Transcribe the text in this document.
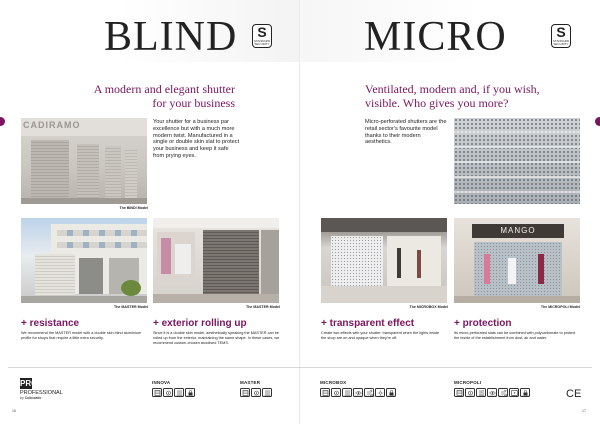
BLIND	S
STANDARD SECURITY
A modern and elegant shutter
for your business
CADIRAMO
The BINDI Model
Your shutter for a business par excellence but with a much more modern twist. Manufactured in a single or double skin slat to protect your business and keep it safe from prying eyes.
The MASTER Model	The MASTER Model
+ resistance
We recommend the MASTER model with a double skin blind aluminium profile for shops that require a little extra security.
+ exterior rolling up
Since it is a double skin model, aesthetically speaking the MASTER can be rolled up from the exterior, maintaining the same shape. In these cases, we recommend custom-chosen anodised TEMS.
MICRO	S
STANDARD SECURITY
Ventilated, modern and, if you wish,
visible. Who gives you more?
Micro-perforated shutters are the retail sector's favourite model thanks to their modern aesthetics.
The MICROBOX Model
MANGO
The MICROPOLI Model
+ transparent effect
Create two effects with your shutter: transparent when the lights inside the shop are on and opaque when they're off.
+ protection
Its micro-perforated slats can be combined with polycarbonate to protect the inside of the establishment from dust, air and water.
PRO
PROFESSIONAL
by Collcoatic
INNOVA
manual	MOTOR	SCREENS	SECURITY
MASTER
manual	MOTOR	SCREENS
MICROBOX
manual	MOTOR	SCREENS	VISIBILITY	VENTILATION	LIGHT	SECURITY
MICROPOLI
P
manual	MOTOR	SCREENS	VISIBILITY	VENTILATION	POLI	SECURITY	CE
16	17
